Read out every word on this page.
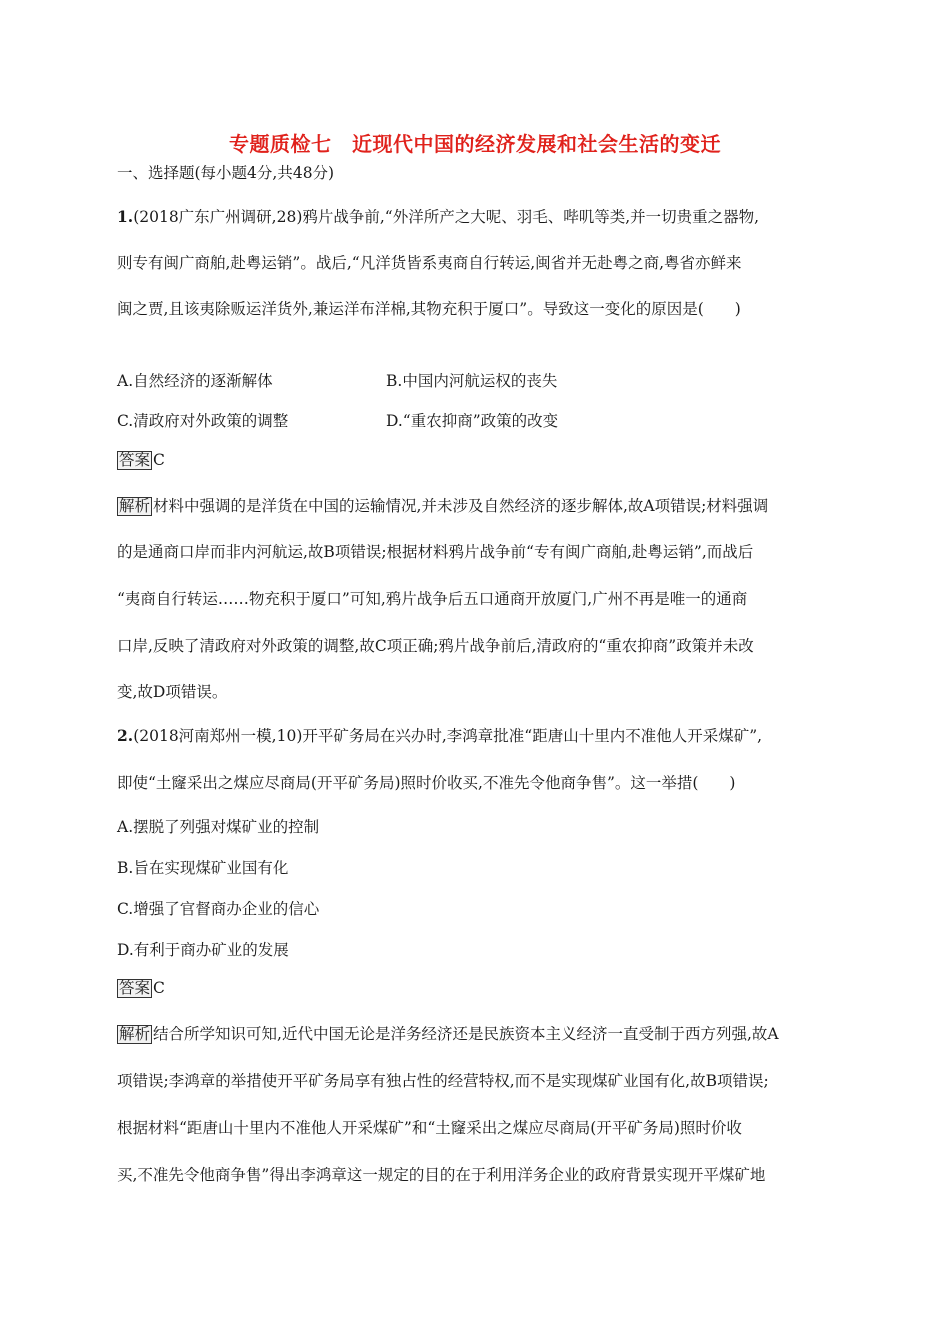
专题质检七　近现代中国的经济发展和社会生活的变迁
一、选择题(每小题4分,共48分)
1.(2018广东广州调研,28)鸦片战争前,“外洋所产之大呢、羽毛、哔叽等类,并一切贵重之器物,
则专有闽广商舶,赴粤运销”。战后,“凡洋货皆系夷商自行转运,闽省并无赴粤之商,粤省亦鲜来
闽之贾,且该夷除贩运洋货外,兼运洋布洋棉,其物充积于厦口”。导致这一变化的原因是(　　)
A.自然经济的逐渐解体	B.中国内河航运权的丧失
C.清政府对外政策的调整	D.“重农抑商”政策的改变
答案 C
解析 材料中强调的是洋货在中国的运输情况,并未涉及自然经济的逐步解体,故A项错误;材料强调
的是通商口岸而非内河航运,故B项错误;根据材料鸦片战争前“专有闽广商舶,赴粤运销”,而战后
“夷商自行转运……物充积于厦口”可知,鸦片战争后五口通商开放厦门,广州不再是唯一的通商
口岸,反映了清政府对外政策的调整,故C项正确;鸦片战争前后,清政府的“重农抑商”政策并未改
变,故D项错误。
2.(2018河南郑州一模,10)开平矿务局在兴办时,李鸿章批准“距唐山十里内不准他人开采煤矿”,
即使“土窿采出之煤应尽商局(开平矿务局)照时价收买,不准先令他商争售”。这一举措(　　)
A.摆脱了列强对煤矿业的控制
B.旨在实现煤矿业国有化
C.增强了官督商办企业的信心
D.有利于商办矿业的发展
答案 C
解析 结合所学知识可知,近代中国无论是洋务经济还是民族资本主义经济一直受制于西方列强,故A
项错误;李鸿章的举措使开平矿务局享有独占性的经营特权,而不是实现煤矿业国有化,故B项错误;
根据材料“距唐山十里内不准他人开采煤矿”和“土窿采出之煤应尽商局(开平矿务局)照时价收
买,不准先令他商争售”得出李鸿章这一规定的目的在于利用洋务企业的政府背景实现开平煤矿地
